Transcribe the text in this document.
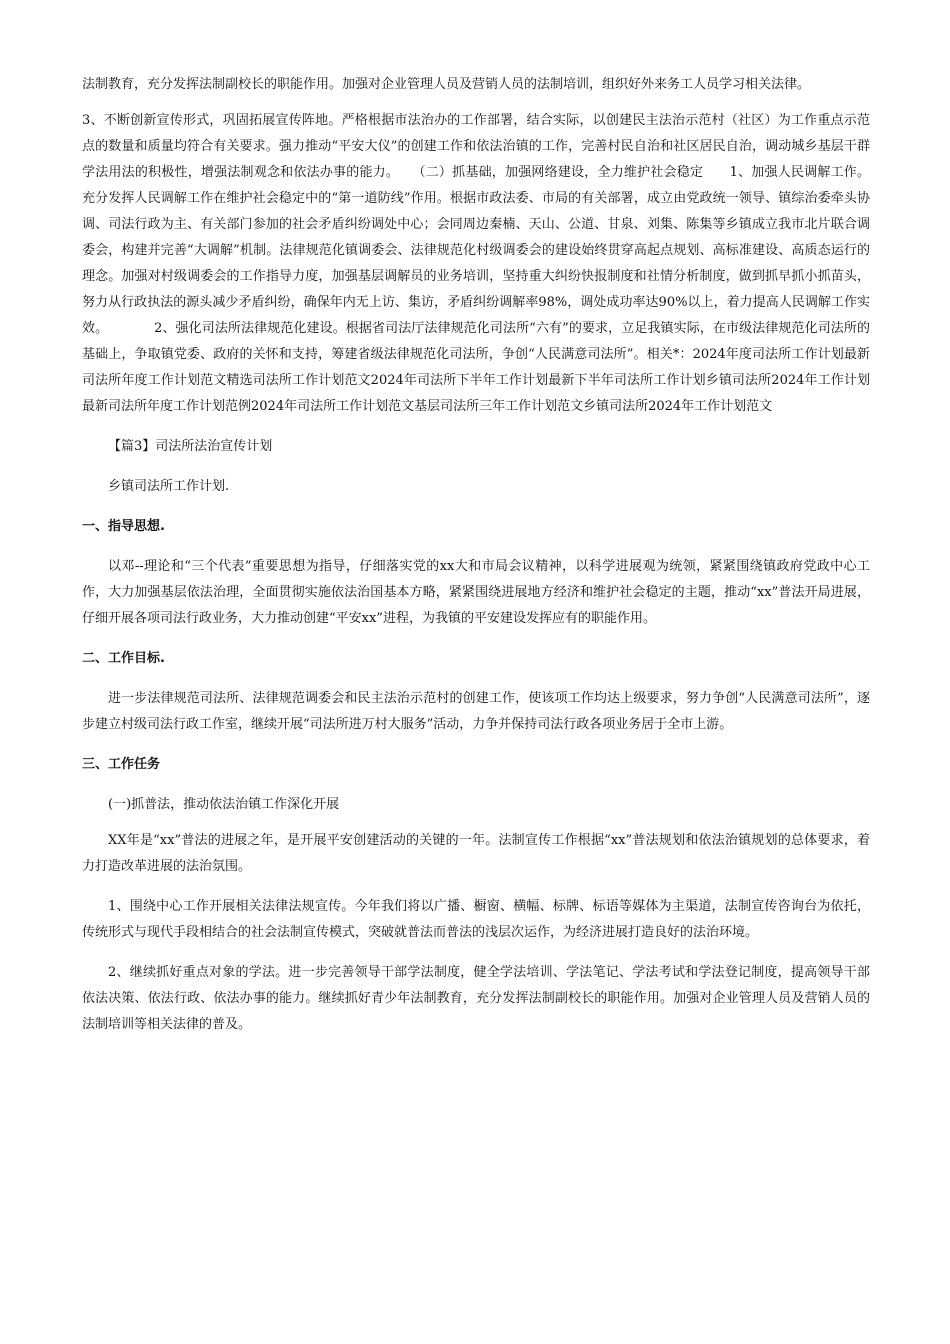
法制教育，充分发挥法制副校长的职能作用。加强对企业管理人员及营销人员的法制培训，组织好外来务工人员学习相关法律。

3、不断创新宣传形式，巩固拓展宣传阵地。严格根据市法治办的工作部署，结合实际，以创建民主法治示范村（社区）为工作重点示范点的数量和质量均符合有关要求。强力推动“平安大仪”的创建工作和依法治镇的工作，完善村民自治和社区居民自治，调动城乡基层干群学法用法的积极性，增强法制观念和依法办事的能力。　　（二）抓基础，加强网络建设，全力维护社会稳定　　1、加强人民调解工作。充分发挥人民调解工作在维护社会稳定中的“第一道防线”作用。根据市政法委、市局的有关部署，成立由党政统一领导、镇综治委牵头协调、司法行政为主、有关部门参加的社会矛盾纠纷调处中心；会同周边秦楠、天山、公道、甘泉、刘集、陈集等乡镇成立我市北片联合调委会，构建并完善“大调解”机制。法律规范化镇调委会、法律规范化村级调委会的建设始终贯穿高起点规划、高标准建设、高质态运行的理念。加强对村级调委会的工作指导力度，加强基层调解员的业务培训，坚持重大纠纷快报制度和社情分析制度，做到抓早抓小抓苗头，努力从行政执法的源头减少矛盾纠纷，确保年内无上访、集访，矛盾纠纷调解率98%，调处成功率达90%以上，着力提高人民调解工作实效。　　　　2、强化司法所法律规范化建设。根据省司法厅法律规范化司法所“六有”的要求，立足我镇实际，在市级法律规范化司法所的基础上，争取镇党委、政府的关怀和支持，筹建省级法律规范化司法所，争创“人民满意司法所”。相关*：2024年度司法所工作计划最新司法所年度工作计划范文精选司法所工作计划范文2024年司法所下半年工作计划最新下半年司法所工作计划乡镇司法所2024年工作计划最新司法所年度工作计划范例2024年司法所工作计划范文基层司法所三年工作计划范文乡镇司法所2024年工作计划范文

【篇3】司法所法治宣传计划

乡镇司法所工作计划.

一、指导思想.

以邓--理论和“三个代表”重要思想为指导，仔细落实党的xx大和市局会议精神，以科学进展观为统领，紧紧围绕镇政府党政中心工作，大力加强基层依法治理，全面贯彻实施依法治国基本方略，紧紧围绕进展地方经济和维护社会稳定的主题，推动“xx”普法开局进展，仔细开展各项司法行政业务，大力推动创建“平安xx”进程，为我镇的平安建设发挥应有的职能作用。

二、工作目标.

进一步法律规范司法所、法律规范调委会和民主法治示范村的创建工作，使该项工作均达上级要求，努力争创“人民满意司法所”，逐步建立村级司法行政工作室，继续开展“司法所进万村大服务”活动，力争并保持司法行政各项业务居于全市上游。

三、工作任务

(一)抓普法，推动依法治镇工作深化开展

XX年是“xx”普法的进展之年，是开展平安创建活动的关键的一年。法制宣传工作根据“xx”普法规划和依法治镇规划的总体要求，着力打造改革进展的法治氛围。

1、围绕中心工作开展相关法律法规宣传。今年我们将以广播、橱窗、横幅、标牌、标语等媒体为主渠道，法制宣传咨询台为依托，传统形式与现代手段相结合的社会法制宣传模式，突破就普法而普法的浅层次运作，为经济进展打造良好的法治环境。

2、继续抓好重点对象的学法。进一步完善领导干部学法制度，健全学法培训、学法笔记、学法考试和学法登记制度，提高领导干部依法决策、依法行政、依法办事的能力。继续抓好青少年法制教育，充分发挥法制副校长的职能作用。加强对企业管理人员及营销人员的法制培训等相关法律的普及。
